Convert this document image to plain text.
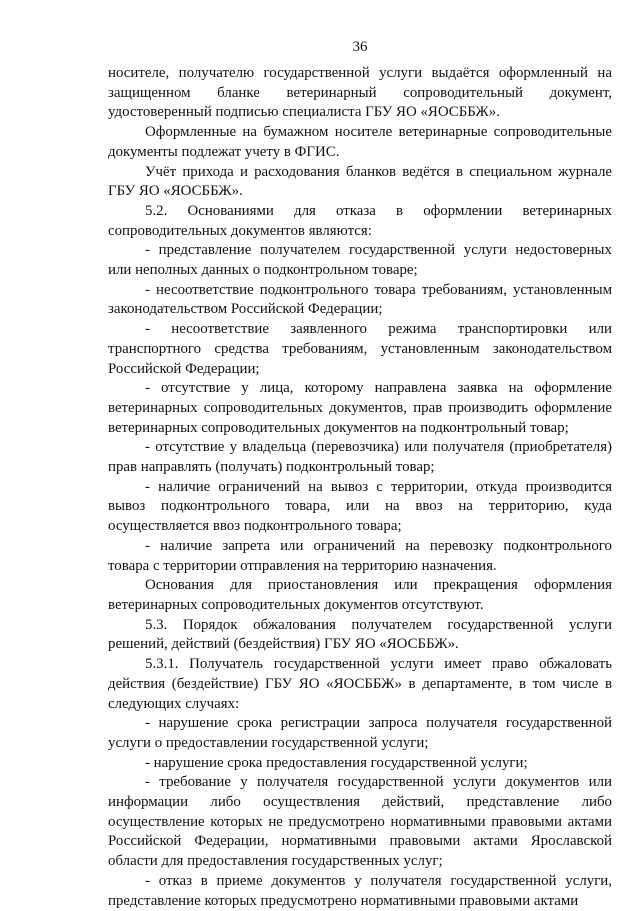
36

носителе, получателю государственной услуги выдаётся оформленный на защищенном бланке ветеринарный сопроводительный документ, удостоверенный подписью специалиста ГБУ ЯО «ЯОСББЖ».

Оформленные на бумажном носителе ветеринарные сопроводительные документы подлежат учету в ФГИС.

Учёт прихода и расходования бланков ведётся в специальном журнале ГБУ ЯО «ЯОСББЖ».

5.2. Основаниями для отказа в оформлении ветеринарных сопроводительных документов являются:

- представление получателем государственной услуги недостоверных или неполных данных о подконтрольном товаре;

- несоответствие подконтрольного товара требованиям, установленным законодательством Российской Федерации;

- несоответствие заявленного режима транспортировки или транспортного средства требованиям, установленным законодательством Российской Федерации;

- отсутствие у лица, которому направлена заявка на оформление ветеринарных сопроводительных документов, прав производить оформление ветеринарных сопроводительных документов на подконтрольный товар;

- отсутствие у владельца (перевозчика) или получателя (приобретателя) прав направлять (получать) подконтрольный товар;

- наличие ограничений на вывоз с территории, откуда производится вывоз подконтрольного товара, или на ввоз на территорию, куда осуществляется ввоз подконтрольного товара;

- наличие запрета или ограничений на перевозку подконтрольного товара с территории отправления на территорию назначения.

Основания для приостановления или прекращения оформления ветеринарных сопроводительных документов отсутствуют.

5.3. Порядок обжалования получателем государственной услуги решений, действий (бездействия) ГБУ ЯО «ЯОСББЖ».

5.3.1. Получатель государственной услуги имеет право обжаловать действия (бездействие) ГБУ ЯО «ЯОСББЖ» в департаменте, в том числе в следующих случаях:

- нарушение срока регистрации запроса получателя государственной услуги о предоставлении государственной услуги;

- нарушение срока предоставления государственной услуги;

- требование у получателя государственной услуги документов или информации либо осуществления действий, представление либо осуществление которых не предусмотрено нормативными правовыми актами Российской Федерации, нормативными правовыми актами Ярославской области для предоставления государственных услуг;

- отказ в приеме документов у получателя государственной услуги, представление которых предусмотрено нормативными правовыми актами
